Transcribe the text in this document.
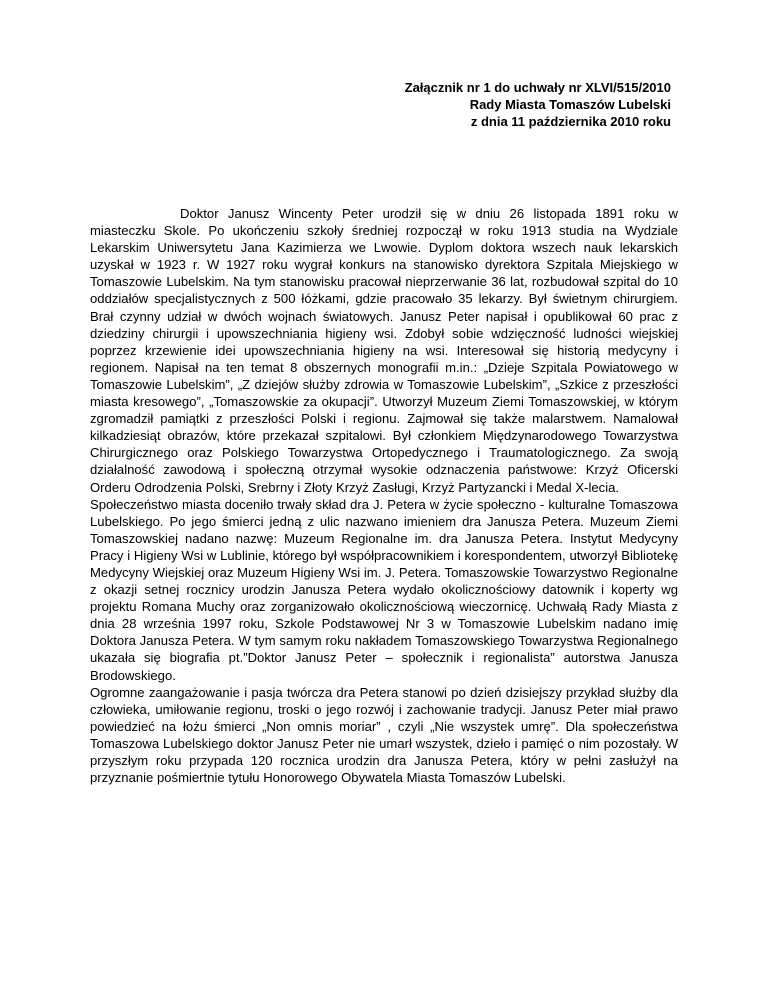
Załącznik nr 1 do uchwały nr XLVI/515/2010
Rady Miasta Tomaszów Lubelski
z dnia 11 października 2010 roku

Doktor Janusz Wincenty Peter urodził się w dniu 26 listopada 1891 roku w miasteczku Skole. Po ukończeniu szkoły średniej rozpoczął w roku 1913 studia na Wydziale Lekarskim Uniwersytetu Jana Kazimierza we Lwowie. Dyplom doktora wszech nauk lekarskich uzyskał w 1923 r. W 1927 roku wygrał konkurs na stanowisko dyrektora Szpitala Miejskiego w Tomaszowie Lubelskim. Na tym stanowisku pracował nieprzerwanie 36 lat, rozbudował szpital do 10 oddziałów specjalistycznych z 500 łóżkami, gdzie pracowało 35 lekarzy. Był świetnym chirurgiem. Brał czynny udział w dwóch wojnach światowych. Janusz Peter napisał i opublikował 60 prac z dziedziny chirurgii i upowszechniania higieny wsi. Zdobył sobie wdzięczność ludności wiejskiej poprzez krzewienie idei upowszechniania higieny na wsi. Interesował się historią medycyny i regionem. Napisał na ten temat 8 obszernych monografii m.in.: „Dzieje Szpitala Powiatowego w Tomaszowie Lubelskim”, „Z dziejów służby zdrowia w Tomaszowie Lubelskim”, „Szkice z przeszłości miasta kresowego”, „Tomaszowskie za okupacji”. Utworzył Muzeum Ziemi Tomaszowskiej, w którym zgromadził pamiątki z przeszłości Polski i regionu. Zajmował się także malarstwem. Namalował kilkadziesiąt obrazów, które przekazał szpitalowi. Był członkiem Międzynarodowego Towarzystwa Chirurgicznego oraz Polskiego Towarzystwa Ortopedycznego i Traumatologicznego. Za swoją działalność zawodową i społeczną otrzymał wysokie odznaczenia państwowe: Krzyż Oficerski Orderu Odrodzenia Polski, Srebrny i Złoty Krzyż Zasługi, Krzyż Partyzancki i Medal X-lecia.

Społeczeństwo miasta doceniło trwały skład dra J. Petera w życie społeczno - kulturalne Tomaszowa Lubelskiego. Po jego śmierci jedną z ulic nazwano imieniem dra Janusza Petera. Muzeum Ziemi Tomaszowskiej nadano nazwę: Muzeum Regionalne im. dra Janusza Petera. Instytut Medycyny Pracy i Higieny Wsi w Lublinie, którego był współpracownikiem i korespondentem, utworzył Bibliotekę Medycyny Wiejskiej oraz Muzeum Higieny Wsi im. J. Petera. Tomaszowskie Towarzystwo Regionalne z okazji setnej rocznicy urodzin Janusza Petera wydało okolicznościowy datownik i koperty wg projektu Romana Muchy oraz zorganizowało okolicznościową wieczornicę. Uchwałą Rady Miasta z dnia 28 września 1997 roku, Szkole Podstawowej Nr 3 w Tomaszowie Lubelskim nadano imię Doktora Janusza Petera. W tym samym roku nakładem Tomaszowskiego Towarzystwa Regionalnego ukazała się biografia pt.”Doktor Janusz Peter – społecznik i regionalista” autorstwa Janusza Brodowskiego.

Ogromne zaangażowanie i pasja twórcza dra Petera stanowi po dzień dzisiejszy przykład służby dla człowieka, umiłowanie regionu, troski o jego rozwój i zachowanie tradycji. Janusz Peter miał prawo powiedzieć na łożu śmierci „Non omnis moriar” , czyli „Nie wszystek umrę”. Dla społeczeństwa Tomaszowa Lubelskiego doktor Janusz Peter nie umarł wszystek, dzieło i pamięć o nim pozostały. W przyszłym roku przypada 120 rocznica urodzin dra Janusza Petera, który w pełni zasłużył na przyznanie pośmiertnie tytułu Honorowego Obywatela Miasta Tomaszów Lubelski.
